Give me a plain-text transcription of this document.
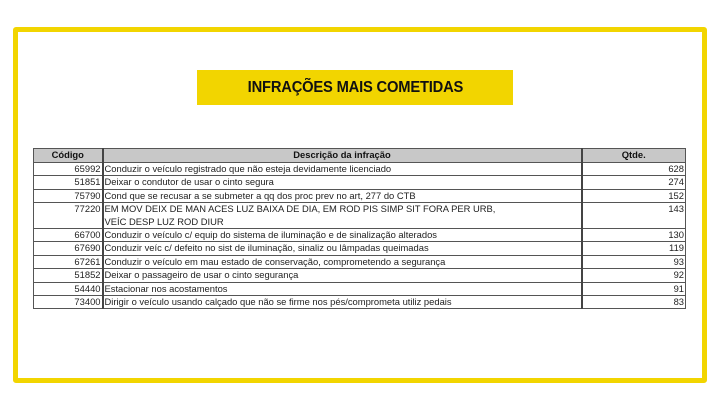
INFRAÇÕES MAIS COMETIDAS
Código	Descrição da infração	Qtde.
65992	Conduzir o veículo registrado que não esteja devidamente licenciado	628
51851	Deixar o condutor de usar o cinto segura	274
75790	Cond que se recusar a se submeter a qq dos proc prev no art, 277 do CTB	152
77220	EM MOV DEIX DE MAN ACES LUZ BAIXA DE DIA, EM ROD PIS SIMP SIT FORA PER URB, VEÍC DESP LUZ ROD DIUR	143
66700	Conduzir o veículo c/ equip do sistema de iluminação e de sinalização alterados	130
67690	Conduzir veíc c/ defeito no sist de iluminação, sinaliz ou lâmpadas queimadas	119
67261	Conduzir o veículo em mau estado de conservação, comprometendo a segurança	93
51852	Deixar o passageiro de usar o cinto segurança	92
54440	Estacionar nos acostamentos	91
73400	Dirigir o veículo usando calçado que não se firme nos pés/comprometa utiliz pedais	83
